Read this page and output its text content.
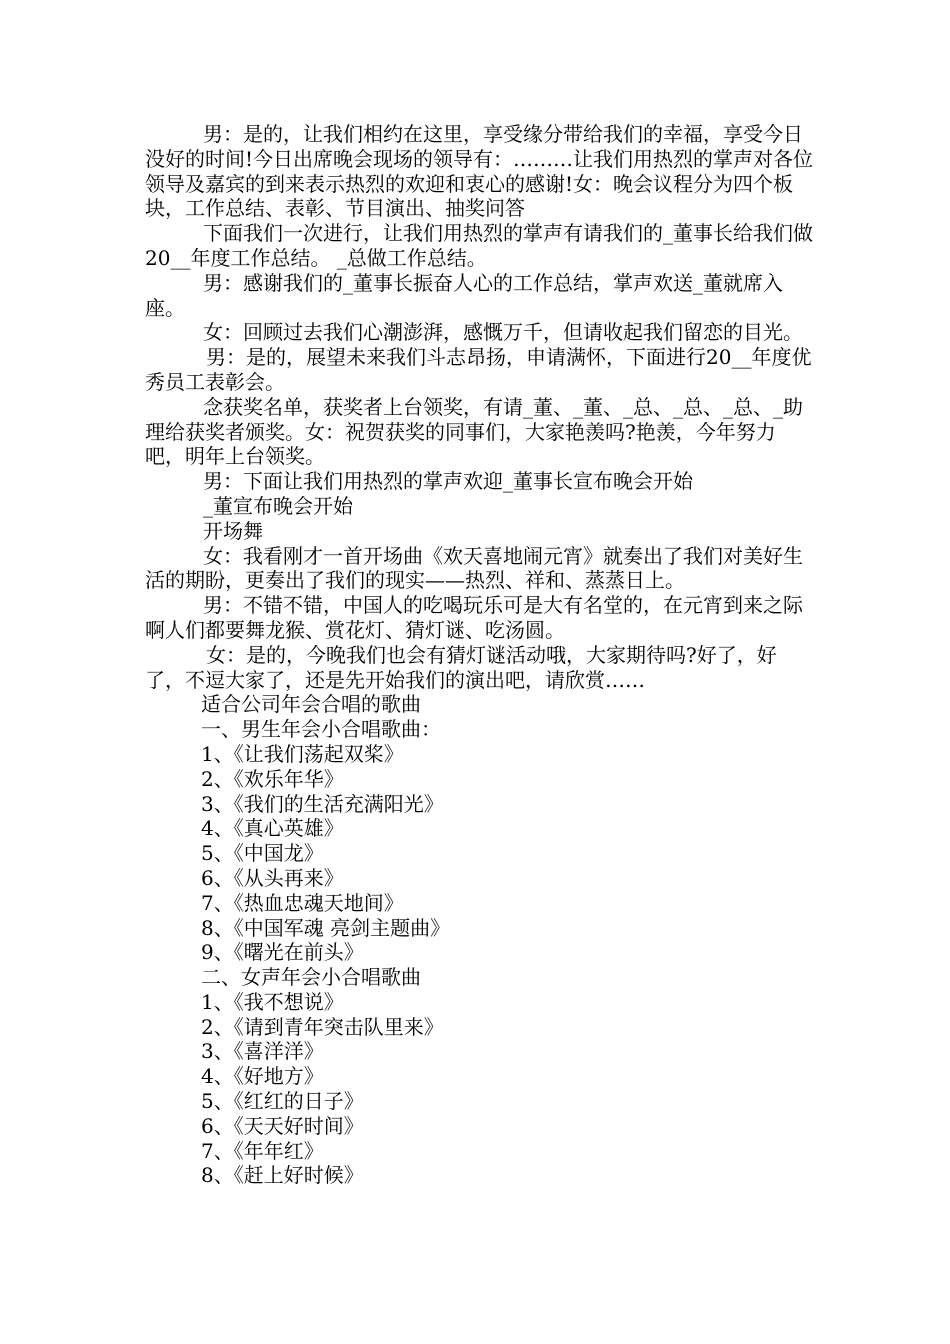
男：是的，让我们相约在这里，享受缘分带给我们的幸福，享受今日没好的时间!今日出席晚会现场的领导有：………让我们用热烈的掌声对各位领导及嘉宾的到来表示热烈的欢迎和衷心的感谢!女：晚会议程分为四个板块，工作总结、表彰、节目演出、抽奖问答

下面我们一次进行，让我们用热烈的掌声有请我们的_董事长给我们做20__年度工作总结。 _总做工作总结。

男：感谢我们的_董事长振奋人心的工作总结，掌声欢送_董就席入座。

女：回顾过去我们心潮澎湃，感慨万千，但请收起我们留恋的目光。

男：是的，展望未来我们斗志昂扬，申请满怀，下面进行20__年度优秀员工表彰会。

念获奖名单，获奖者上台领奖，有请_董、_董、_总、_总、_总、_助理给获奖者颁奖。女：祝贺获奖的同事们，大家艳羡吗?艳羡，今年努力吧，明年上台领奖。

男：下面让我们用热烈的掌声欢迎_董事长宣布晚会开始

_董宣布晚会开始

开场舞

女：我看刚才一首开场曲《欢天喜地闹元宵》就奏出了我们对美好生活的期盼，更奏出了我们的现实——热烈、祥和、蒸蒸日上。

男：不错不错，中国人的吃喝玩乐可是大有名堂的，在元宵到来之际啊人们都要舞龙猴、赏花灯、猜灯谜、吃汤圆。

女：是的，今晚我们也会有猜灯谜活动哦，大家期待吗?好了，好了，不逗大家了，还是先开始我们的演出吧，请欣赏……

适合公司年会合唱的歌曲

一、男生年会小合唱歌曲：

1、《让我们荡起双桨》

2、《欢乐年华》

3、《我们的生活充满阳光》

4、《真心英雄》

5、《中国龙》

6、《从头再来》

7、《热血忠魂天地间》

8、《中国军魂 亮剑主题曲》

9、《曙光在前头》

二、女声年会小合唱歌曲

1、《我不想说》

2、《请到青年突击队里来》

3、《喜洋洋》

4、《好地方》

5、《红红的日子》

6、《天天好时间》

7、《年年红》

8、《赶上好时候》
